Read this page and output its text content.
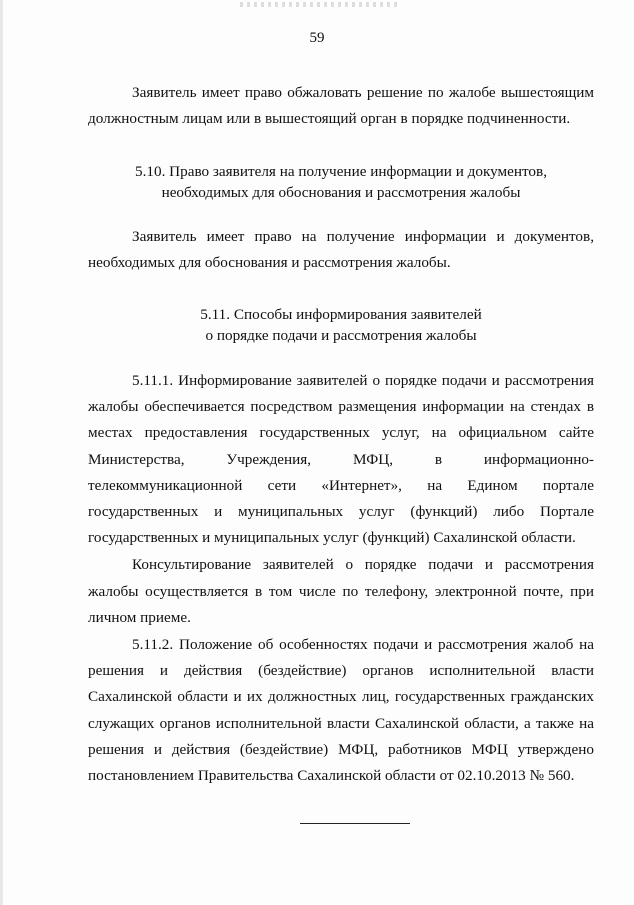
59

Заявитель имеет право обжаловать решение по жалобе вышестоящим должностным лицам или в вышестоящий орган в порядке подчиненности.

5.10. Право заявителя на получение информации и документов,
необходимых для обоснования и рассмотрения жалобы

Заявитель имеет право на получение информации и документов, необходимых для обоснования и рассмотрения жалобы.

5.11. Способы информирования заявителей
о порядке подачи и рассмотрения жалобы

5.11.1. Информирование заявителей о порядке подачи и рассмотрения жалобы обеспечивается посредством размещения информации на стендах в местах предоставления государственных услуг, на официальном сайте Министерства, Учреждения, МФЦ, в информационно-телекоммуникационной сети «Интернет», на Едином портале государственных и муниципальных услуг (функций) либо Портале государственных и муниципальных услуг (функций) Сахалинской области.

Консультирование заявителей о порядке подачи и рассмотрения жалобы осуществляется в том числе по телефону, электронной почте, при личном приеме.

5.11.2. Положение об особенностях подачи и рассмотрения жалоб на решения и действия (бездействие) органов исполнительной власти Сахалинской области и их должностных лиц, государственных гражданских служащих органов исполнительной власти Сахалинской области, а также на решения и действия (бездействие) МФЦ, работников МФЦ утверждено постановлением Правительства Сахалинской области от 02.10.2013 № 560.
